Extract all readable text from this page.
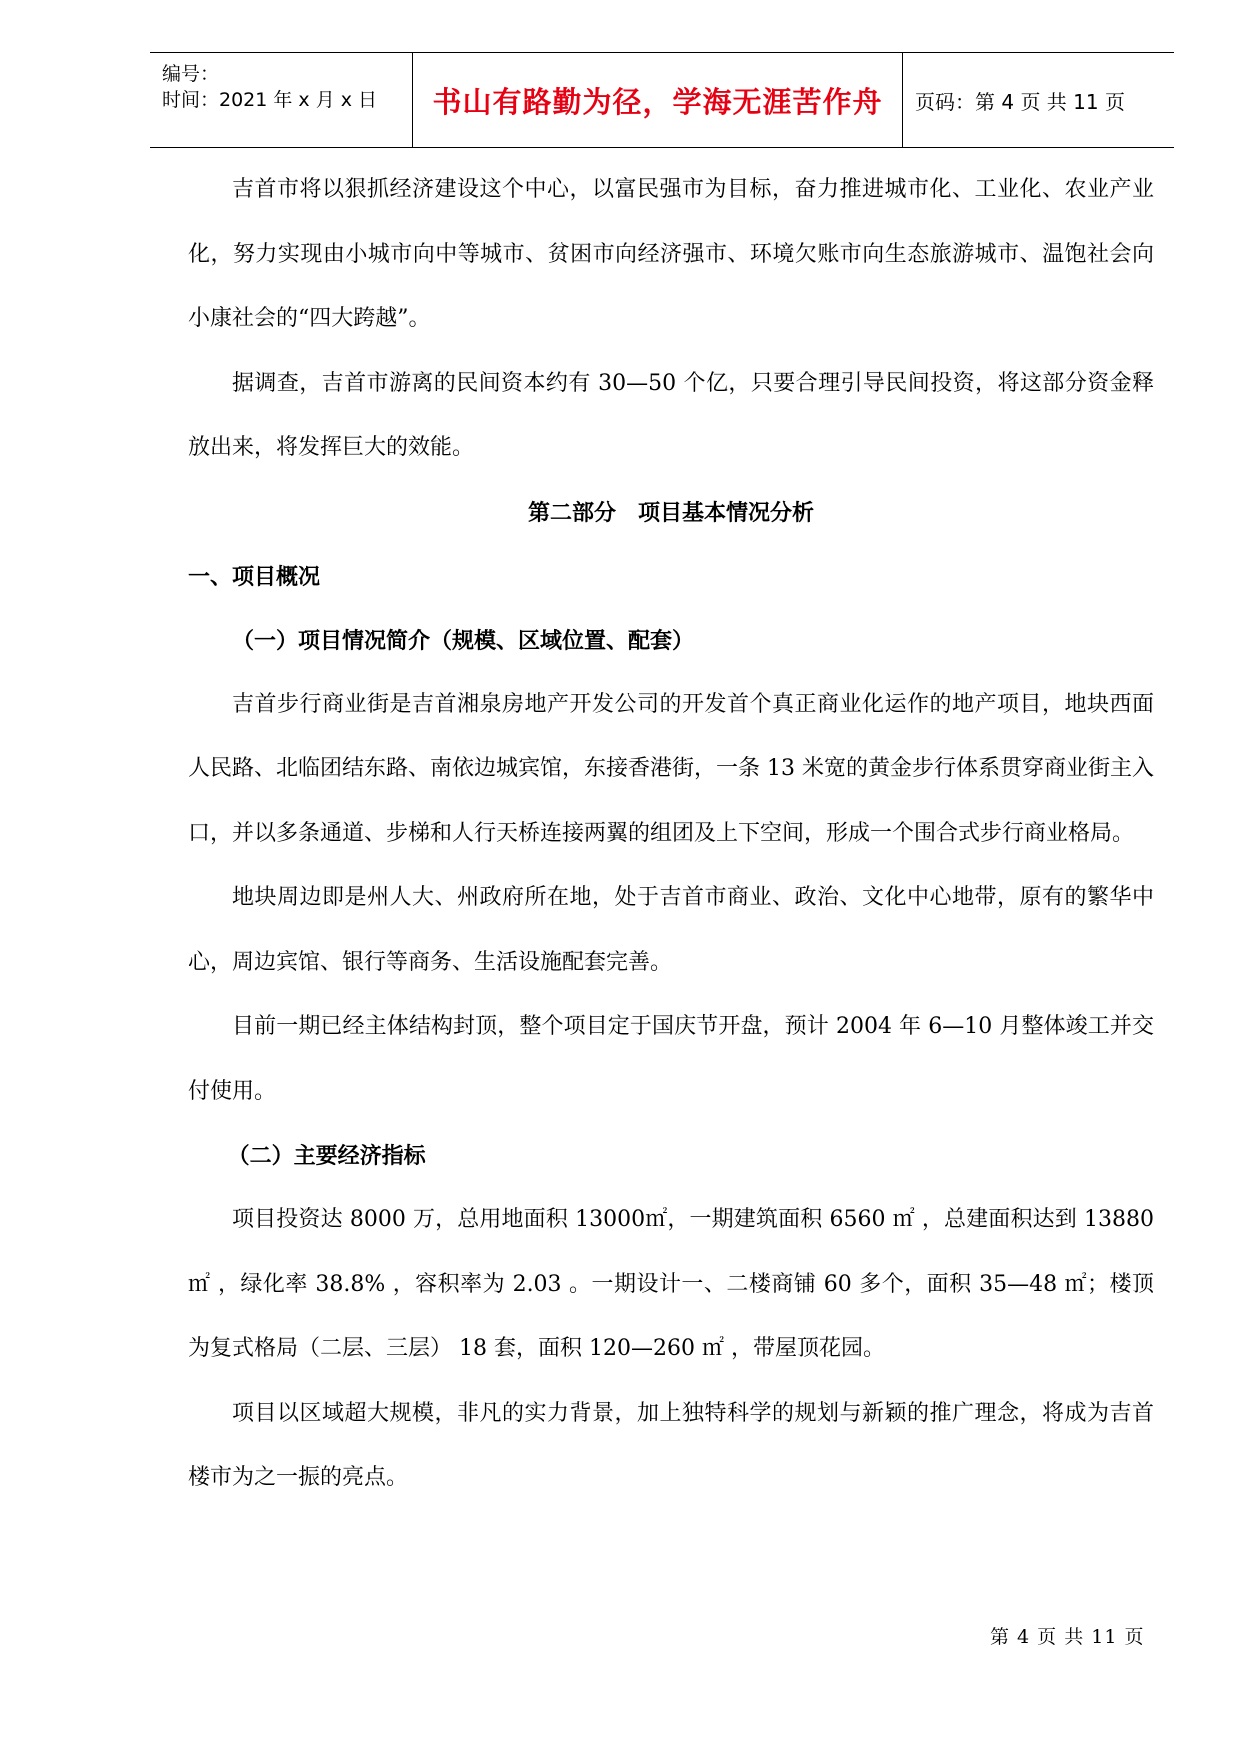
编号：
时间：2021 年 x 月 x 日 书山有路勤为径，学海无涯苦作舟 页码：第 4 页 共 11 页

吉首市将以狠抓经济建设这个中心，以富民强市为目标，奋力推进城市化、工业化、农业产业化，努力实现由小城市向中等城市、贫困市向经济强市、环境欠账市向生态旅游城市、温饱社会向小康社会的“四大跨越”。

据调查，吉首市游离的民间资本约有 30—50 个亿，只要合理引导民间投资，将这部分资金释放出来，将发挥巨大的效能。

第二部分　项目基本情况分析

一、项目概况

（一）项目情况简介（规模、区域位置、配套）

吉首步行商业街是吉首湘泉房地产开发公司的开发首个真正商业化运作的地产项目，地块西面人民路、北临团结东路、南依边城宾馆，东接香港街，一条 13 米宽的黄金步行体系贯穿商业街主入口，并以多条通道、步梯和人行天桥连接两翼的组团及上下空间，形成一个围合式步行商业格局。

地块周边即是州人大、州政府所在地，处于吉首市商业、政治、文化中心地带，原有的繁华中心，周边宾馆、银行等商务、生活设施配套完善。

目前一期已经主体结构封顶，整个项目定于国庆节开盘，预计 2004 年 6—10 月整体竣工并交付使用。

（二）主要经济指标

项目投资达 8000 万，总用地面积 13000㎡，一期建筑面积 6560 ㎡ ，总建面积达到 13880 ㎡ ，绿化率 38.8% ，容积率为 2.03 。一期设计一、二楼商铺 60 多个，面积 35—48 ㎡；楼顶为复式格局（二层、三层） 18 套，面积 120—260 ㎡ ，带屋顶花园。

项目以区域超大规模，非凡的实力背景，加上独特科学的规划与新颖的推广理念，将成为吉首楼市为之一振的亮点。

第 4 页 共 11 页
